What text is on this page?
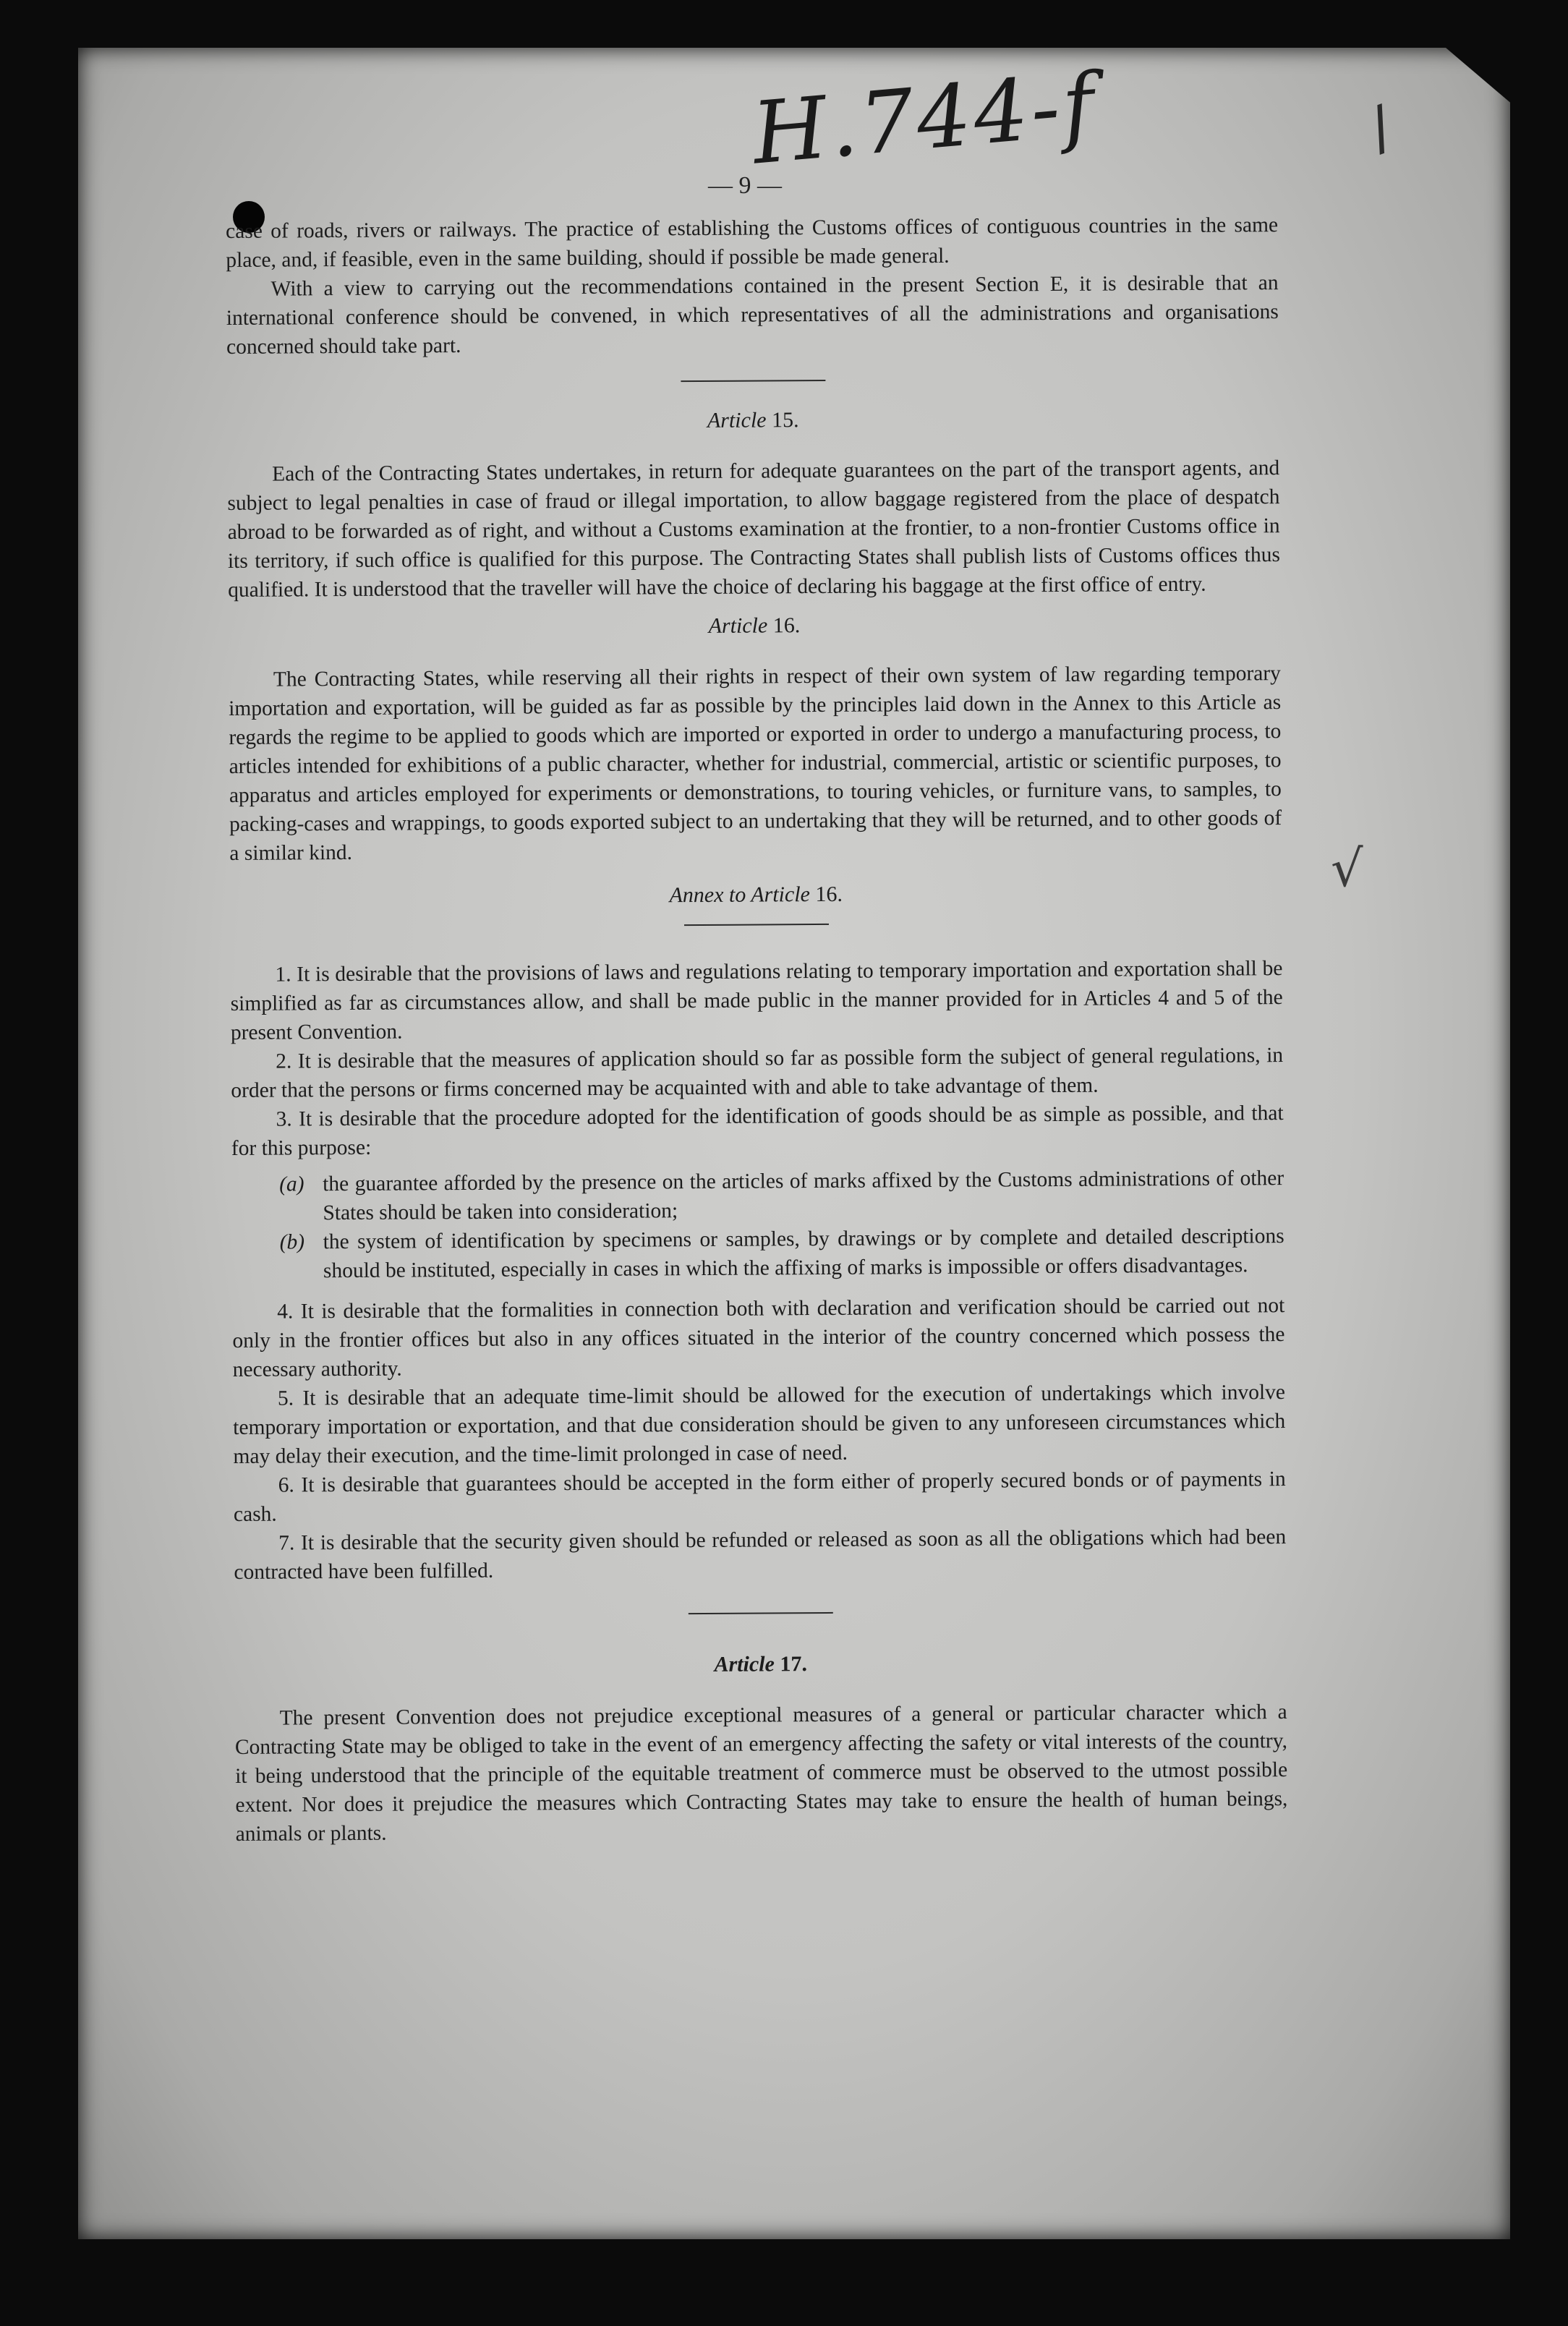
H.744-f	/
√
— 9 —

case of roads, rivers or railways. The practice of establishing the Customs offices of contiguous countries in the same place, and, if feasible, even in the same building, should if possible be made general.

With a view to carrying out the recommendations contained in the present Section E, it is desirable that an international conference should be convened, in which representatives of all the administrations and organisations concerned should take part.

Article 15.

Each of the Contracting States undertakes, in return for adequate guarantees on the part of the transport agents, and subject to legal penalties in case of fraud or illegal importation, to allow baggage registered from the place of despatch abroad to be forwarded as of right, and without a Customs examination at the frontier, to a non-frontier Customs office in its territory, if such office is qualified for this purpose. The Contracting States shall publish lists of Customs offices thus qualified. It is understood that the traveller will have the choice of declaring his baggage at the first office of entry.

Article 16.

The Contracting States, while reserving all their rights in respect of their own system of law regarding temporary importation and exportation, will be guided as far as possible by the principles laid down in the Annex to this Article as regards the regime to be applied to goods which are imported or exported in order to undergo a manufacturing process, to articles intended for exhibitions of a public character, whether for industrial, commercial, artistic or scientific purposes, to apparatus and articles employed for experiments or demonstrations, to touring vehicles, or furniture vans, to samples, to packing-cases and wrappings, to goods exported subject to an undertaking that they will be returned, and to other goods of a similar kind.

Annex to Article 16.

1. It is desirable that the provisions of laws and regulations relating to temporary importation and exportation shall be simplified as far as circumstances allow, and shall be made public in the manner provided for in Articles 4 and 5 of the present Convention.

2. It is desirable that the measures of application should so far as possible form the subject of general regulations, in order that the persons or firms concerned may be acquainted with and able to take advantage of them.

3. It is desirable that the procedure adopted for the identification of goods should be as simple as possible, and that for this purpose:

(a) the guarantee afforded by the presence on the articles of marks affixed by the Customs administrations of other States should be taken into consideration;

(b) the system of identification by specimens or samples, by drawings or by complete and detailed descriptions should be instituted, especially in cases in which the affixing of marks is impossible or offers disadvantages.

4. It is desirable that the formalities in connection both with declaration and verification should be carried out not only in the frontier offices but also in any offices situated in the interior of the country concerned which possess the necessary authority.

5. It is desirable that an adequate time-limit should be allowed for the execution of undertakings which involve temporary importation or exportation, and that due consideration should be given to any unforeseen circumstances which may delay their execution, and the time-limit prolonged in case of need.

6. It is desirable that guarantees should be accepted in the form either of properly secured bonds or of payments in cash.

7. It is desirable that the security given should be refunded or released as soon as all the obligations which had been contracted have been fulfilled.

Article 17.

The present Convention does not prejudice exceptional measures of a general or particular character which a Contracting State may be obliged to take in the event of an emergency affecting the safety or vital interests of the country, it being understood that the principle of the equitable treatment of commerce must be observed to the utmost possible extent. Nor does it prejudice the measures which Contracting States may take to ensure the health of human beings, animals or plants.
